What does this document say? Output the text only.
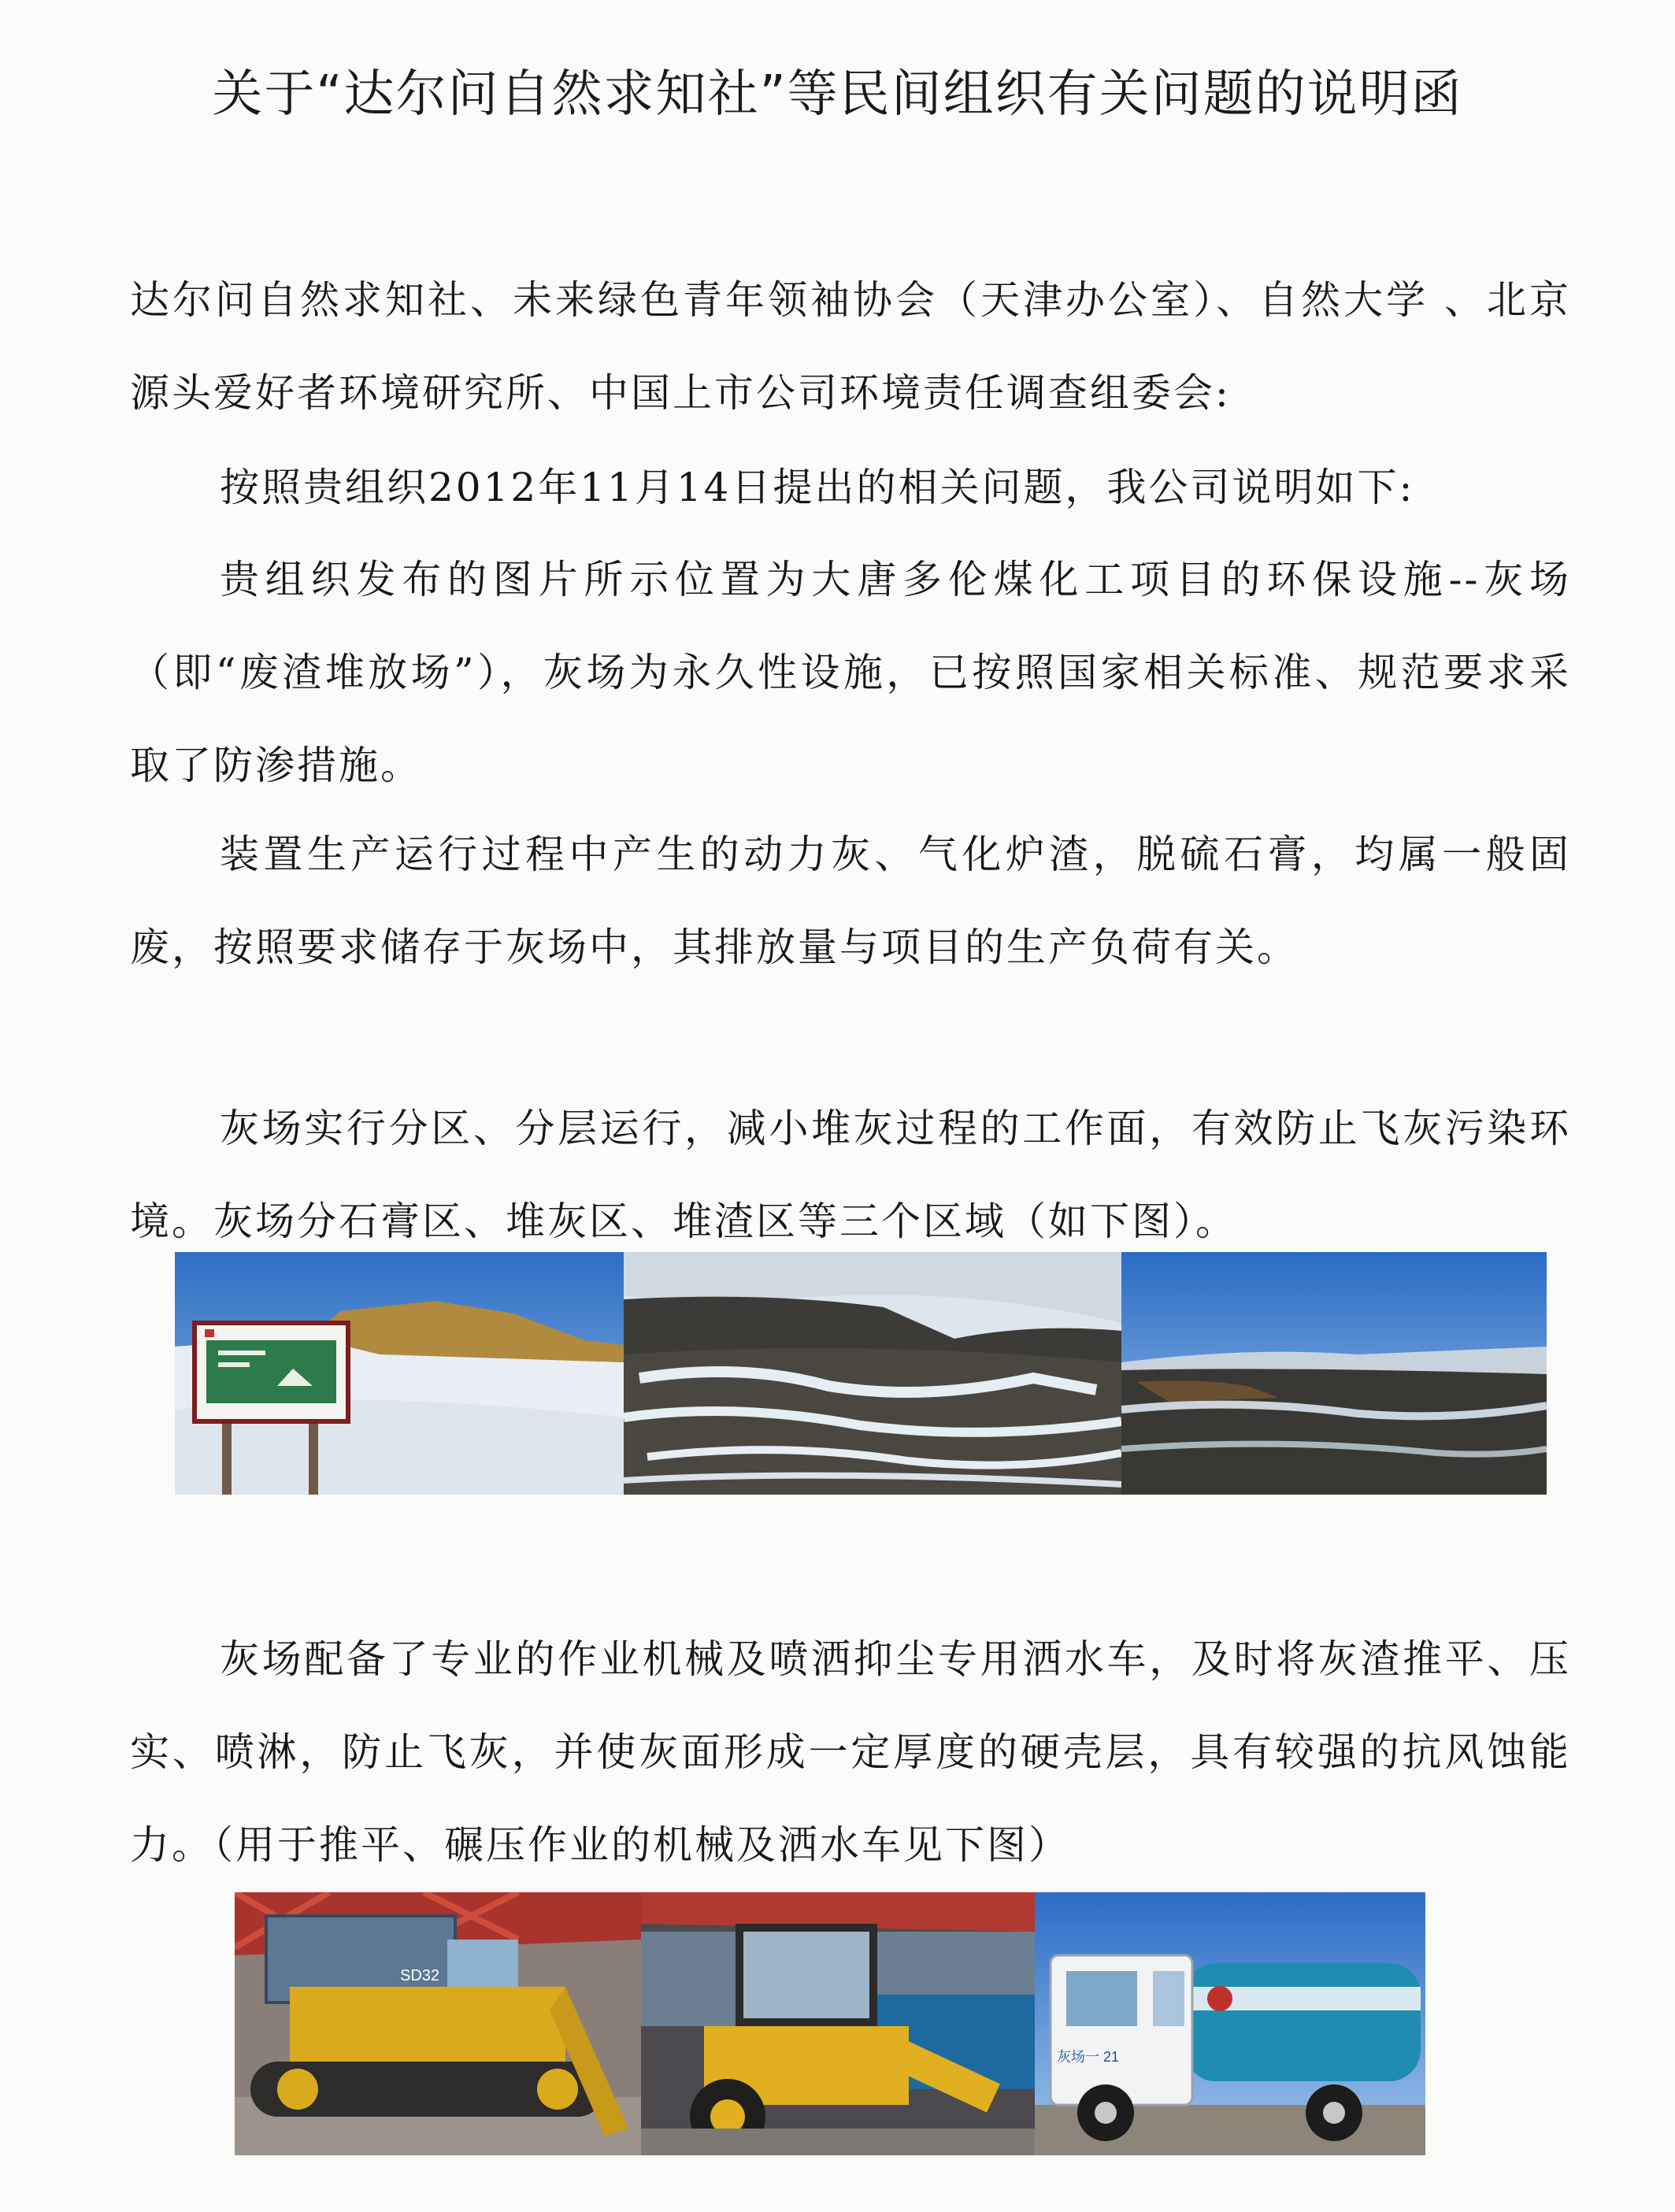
关于“达尔问自然求知社”等民间组织有关问题的说明函

达尔问自然求知社、未来绿色青年领袖协会（天津办公室）、自然大学 、北京源头爱好者环境研究所、中国上市公司环境责任调查组委会:

按照贵组织2012年11月14日提出的相关问题，我公司说明如下:

贵组织发布的图片所示位置为大唐多伦煤化工项目的环保设施--灰场（即“废渣堆放场”），灰场为永久性设施，已按照国家相关标准、规范要求采取了防渗措施。

装置生产运行过程中产生的动力灰、气化炉渣，脱硫石膏，均属一般固废，按照要求储存于灰场中，其排放量与项目的生产负荷有关。

灰场实行分区、分层运行，减小堆灰过程的工作面，有效防止飞灰污染环境。灰场分石膏区、堆灰区、堆渣区等三个区域（如下图）。

灰场配备了专业的作业机械及喷洒抑尘专用洒水车，及时将灰渣推平、压实、喷淋，防止飞灰，并使灰面形成一定厚度的硬壳层，具有较强的抗风蚀能力。（用于推平、碾压作业的机械及洒水车见下图）

SD32
灰场一 21
